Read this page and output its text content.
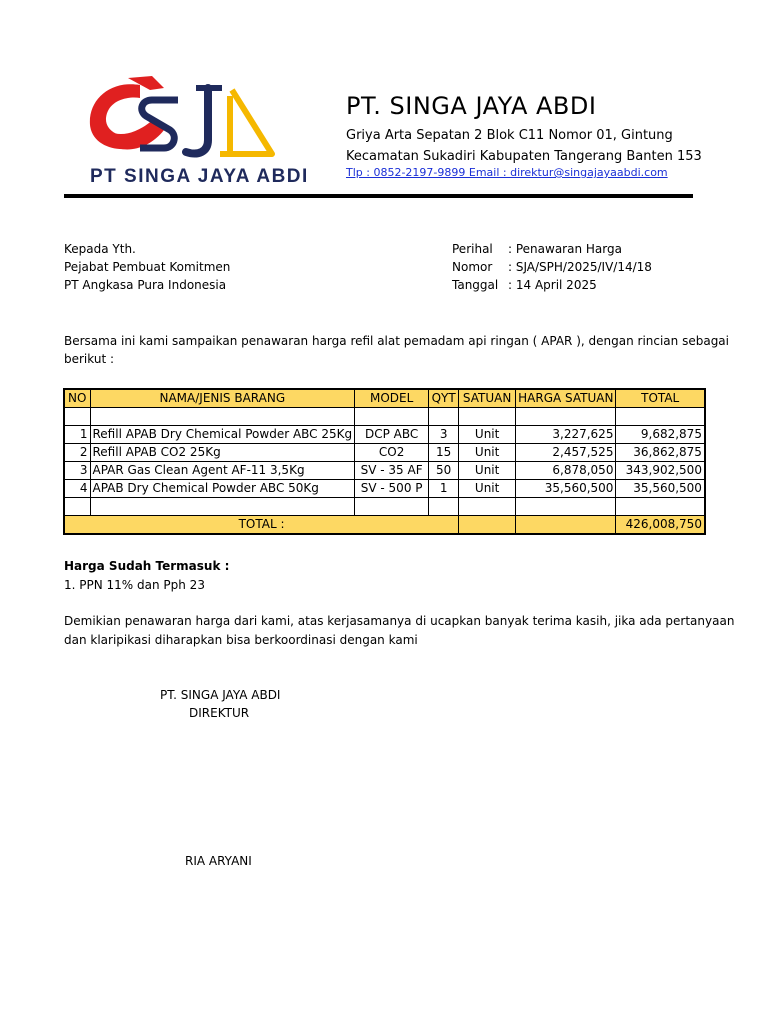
PT SINGA JAYA ABDI
PT. SINGA JAYA ABDI
Griya Arta Sepatan 2 Blok C11 Nomor 01, Gintung
Kecamatan Sukadiri Kabupaten Tangerang Banten 153
Tlp : 0852-2197-9899 Email : direktur@singajayaabdi.com
Kepada Yth.
Pejabat Pembuat Komitmen
PT Angkasa Pura Indonesia
Perihal : Penawaran Harga
Nomor : SJA/SPH/2025/IV/14/18
Tanggal : 14 April 2025
Bersama ini kami sampaikan penawaran harga refil alat pemadam api ringan ( APAR ), dengan rincian sebagai
berikut :
NO	NAMA/JENIS BARANG	MODEL	QYT	SATUAN	HARGA SATUAN	TOTAL

1	Refill APAB Dry Chemical Powder ABC 25Kg	DCP ABC	3	Unit	3,227,625	9,682,875
2	Refill APAB CO2 25Kg	CO2	15	Unit	2,457,525	36,862,875
3	APAR Gas Clean Agent AF-11 3,5Kg	SV - 35 AF	50	Unit	6,878,050	343,902,500
4	APAB Dry Chemical Powder ABC 50Kg	SV - 500 P	1	Unit	35,560,500	35,560,500

TOTAL :						426,008,750
Harga Sudah Termasuk :
1. PPN 11% dan Pph 23
Demikian penawaran harga dari kami, atas kerjasamanya di ucapkan banyak terima kasih, jika ada pertanyaan
dan klaripikasi diharapkan bisa berkoordinasi dengan kami
PT. SINGA JAYA ABDI
DIREKTUR
RIA ARYANI
